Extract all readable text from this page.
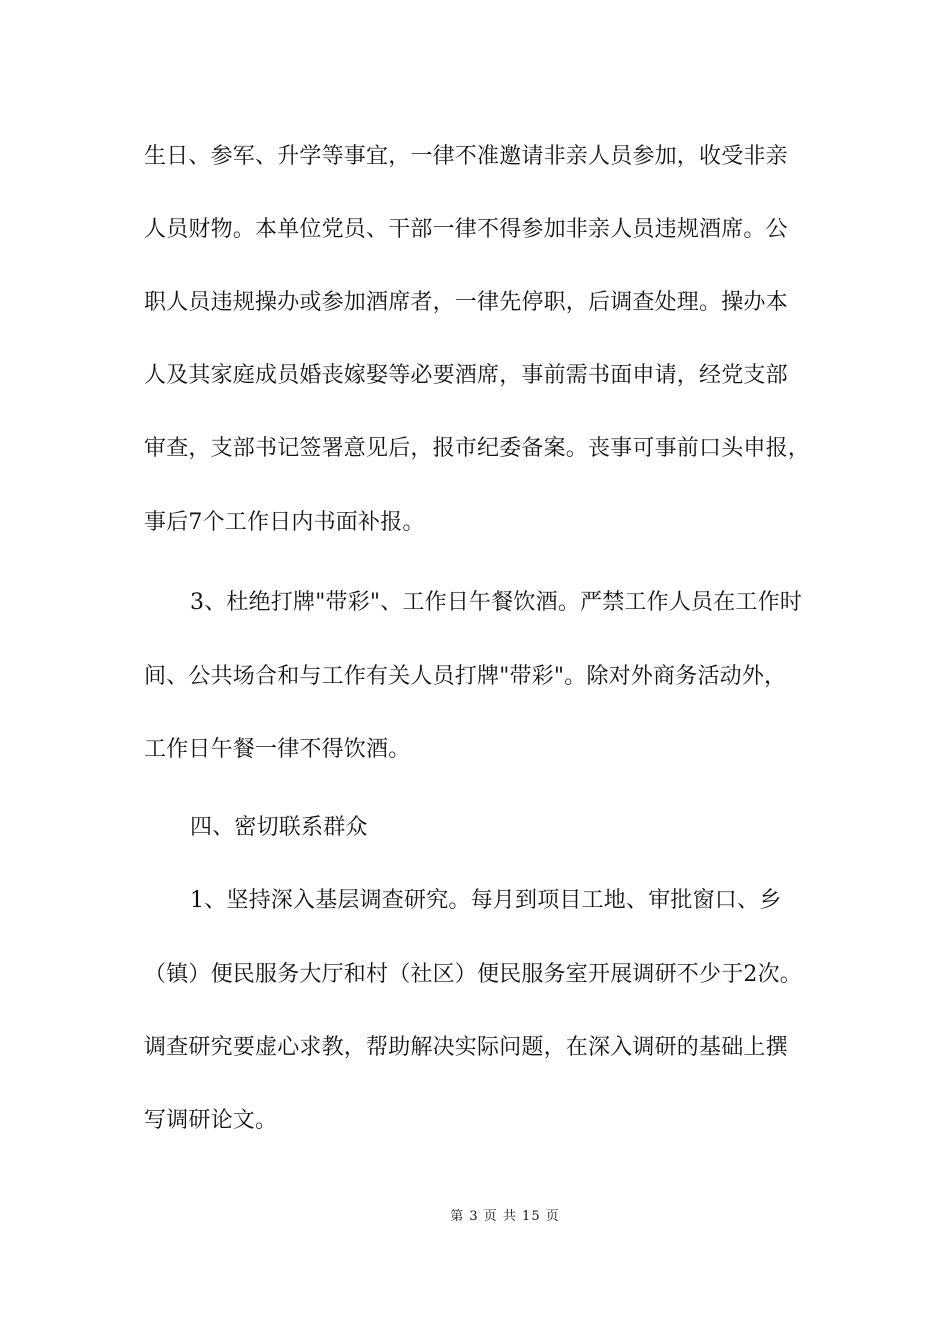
生日、参军、升学等事宜，一律不准邀请非亲人员参加，收受非亲
人员财物。本单位党员、干部一律不得参加非亲人员违规酒席。公
职人员违规操办或参加酒席者，一律先停职，后调查处理。操办本
人及其家庭成员婚丧嫁娶等必要酒席，事前需书面申请，经党支部
审查，支部书记签署意见后，报市纪委备案。丧事可事前口头申报，
事后7个工作日内书面补报。
3、杜绝打牌"带彩"、工作日午餐饮酒。严禁工作人员在工作时
间、公共场合和与工作有关人员打牌"带彩"。除对外商务活动外，
工作日午餐一律不得饮酒。
四、密切联系群众
1、坚持深入基层调查研究。每月到项目工地、审批窗口、乡
（镇）便民服务大厅和村（社区）便民服务室开展调研不少于2次。
调查研究要虚心求教，帮助解决实际问题，在深入调研的基础上撰
写调研论文。
第 3 页 共 15 页
